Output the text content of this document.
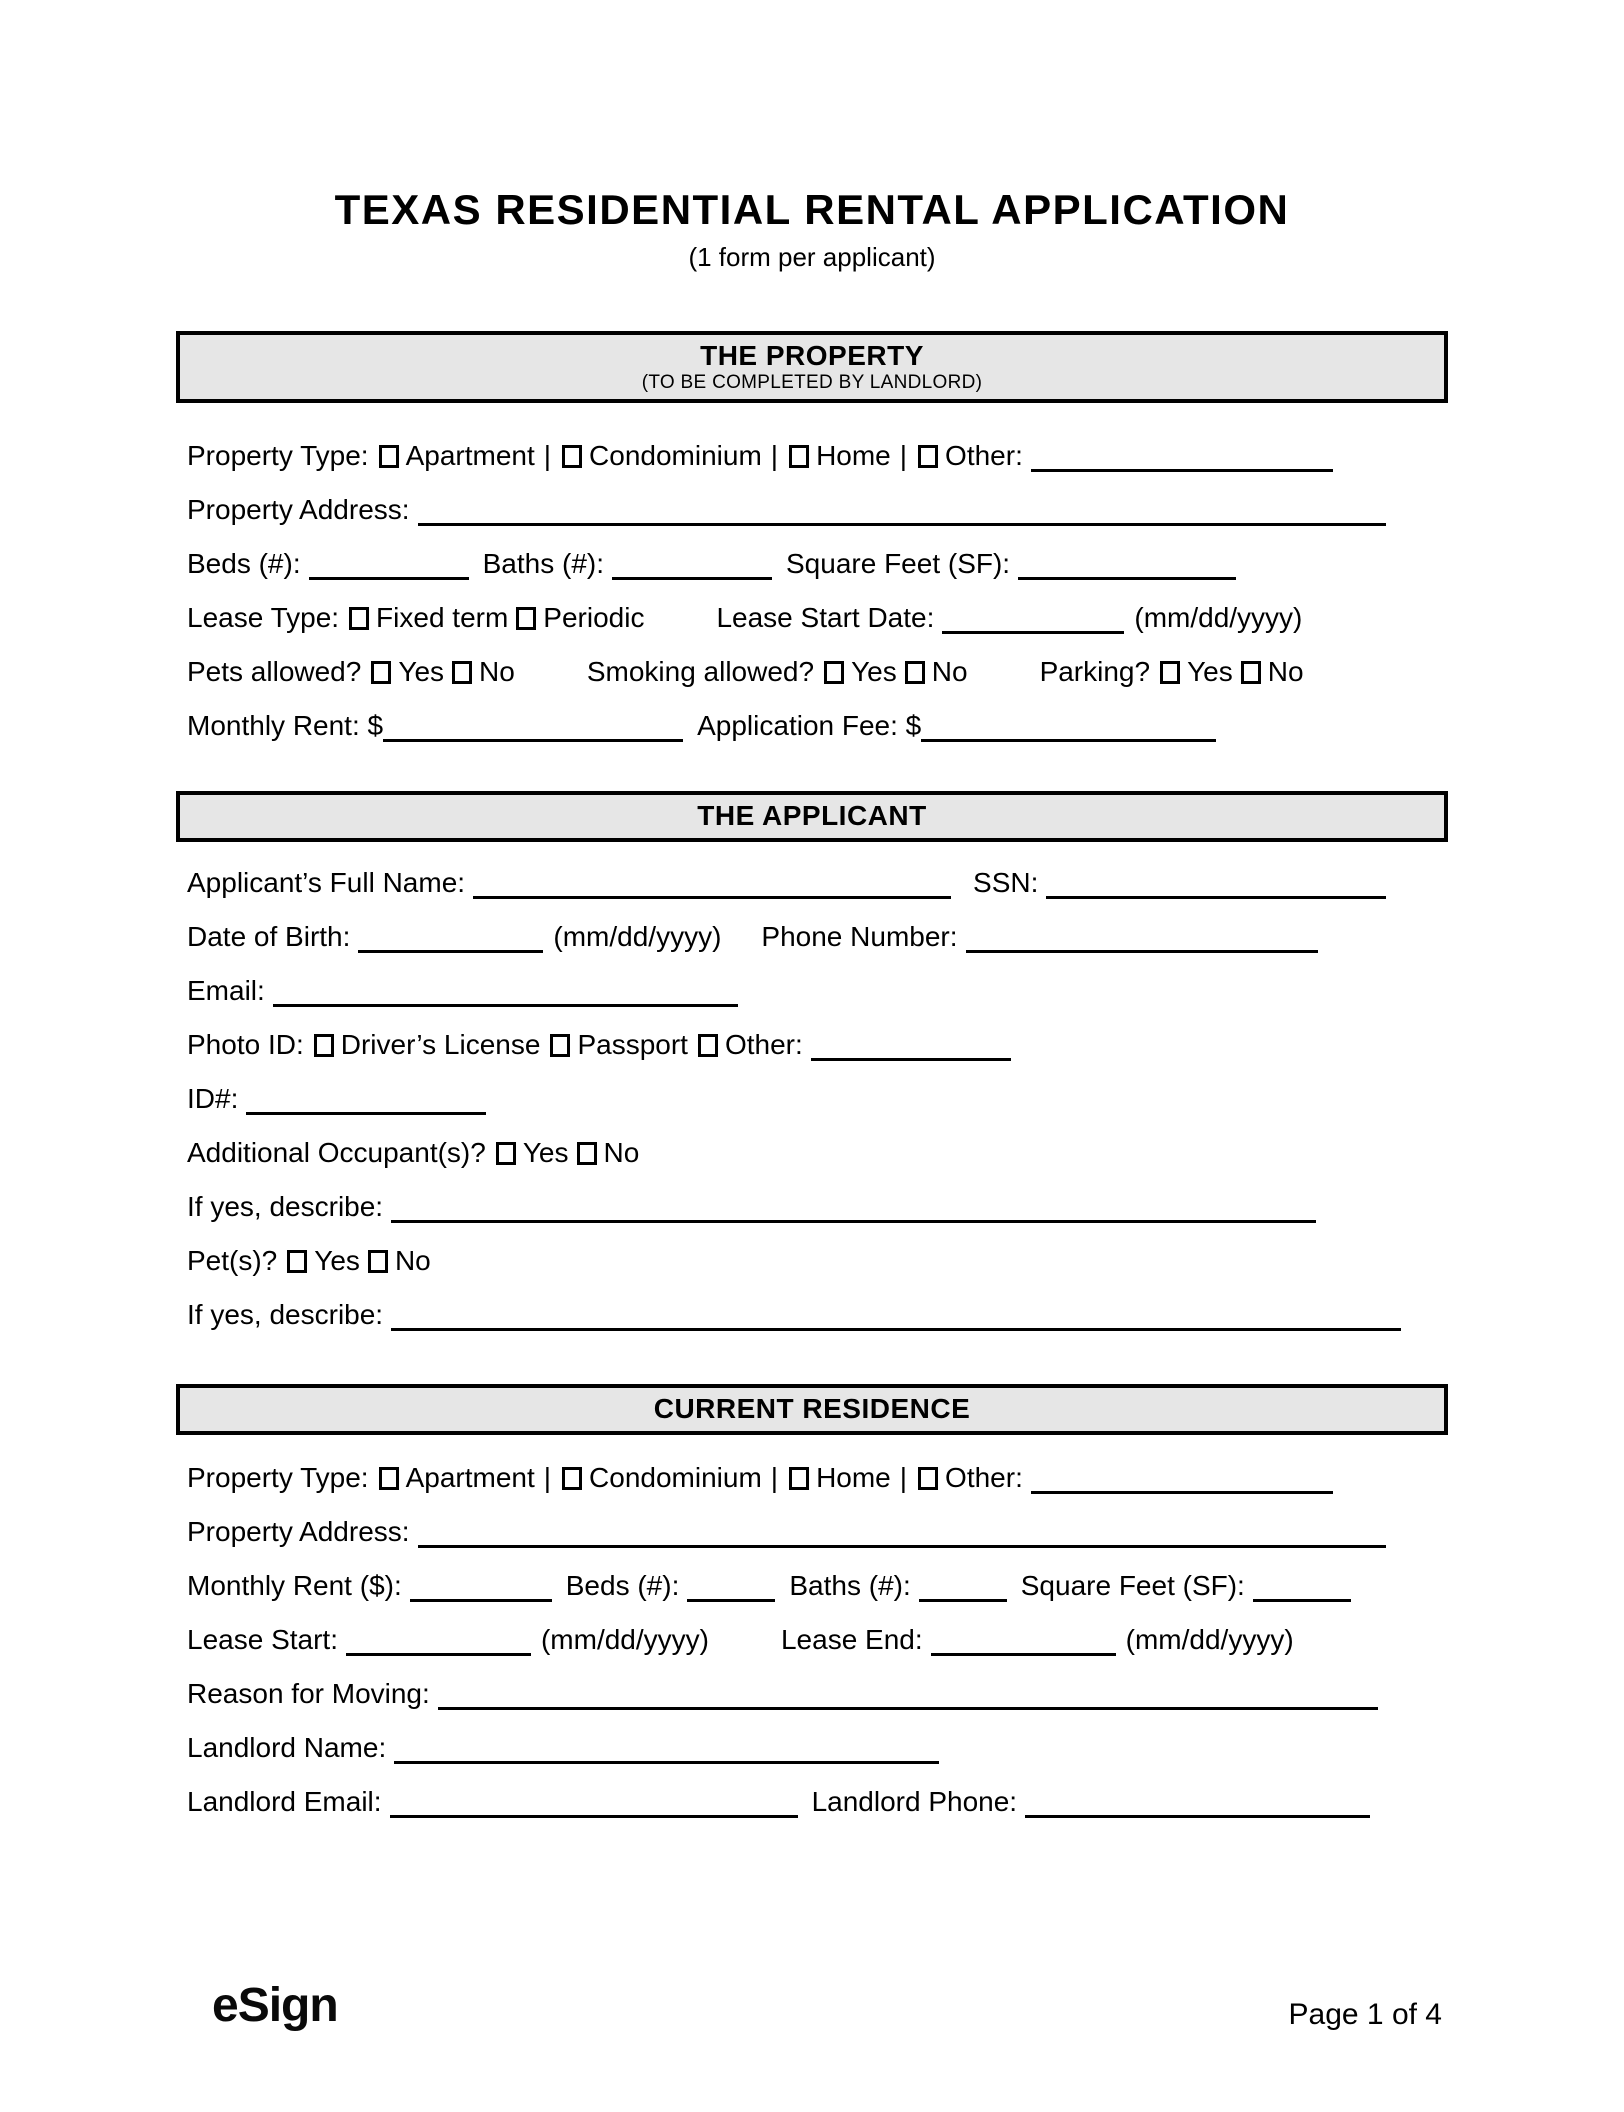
TEXAS RESIDENTIAL RENTAL APPLICATION
(1 form per applicant)
THE PROPERTY
(TO BE COMPLETED BY LANDLORD)
Property Type: Apartment | Condominium | Home | Other:
Property Address:
Beds (#):	Baths (#):	Square Feet (SF):
Lease Type: Fixed term Periodic	Lease Start Date:	(mm/dd/yyyy)
Pets allowed? Yes No	Smoking allowed? Yes No	Parking? Yes No
Monthly Rent: $	Application Fee: $
THE APPLICANT
Applicant’s Full Name:	SSN:
Date of Birth:	(mm/dd/yyyy) Phone Number:
Email:
Photo ID: Driver’s License Passport Other:
ID#:
Additional Occupant(s)? Yes No
If yes, describe:
Pet(s)? Yes No
If yes, describe:
CURRENT RESIDENCE
Property Type: Apartment | Condominium | Home | Other:
Property Address:
Monthly Rent ($):	Beds (#):	Baths (#):	Square Feet (SF):
Lease Start:	(mm/dd/yyyy)	Lease End:	(mm/dd/yyyy)
Reason for Moving:
Landlord Name:
Landlord Email:	Landlord Phone:
eSign	Page 1 of 4
